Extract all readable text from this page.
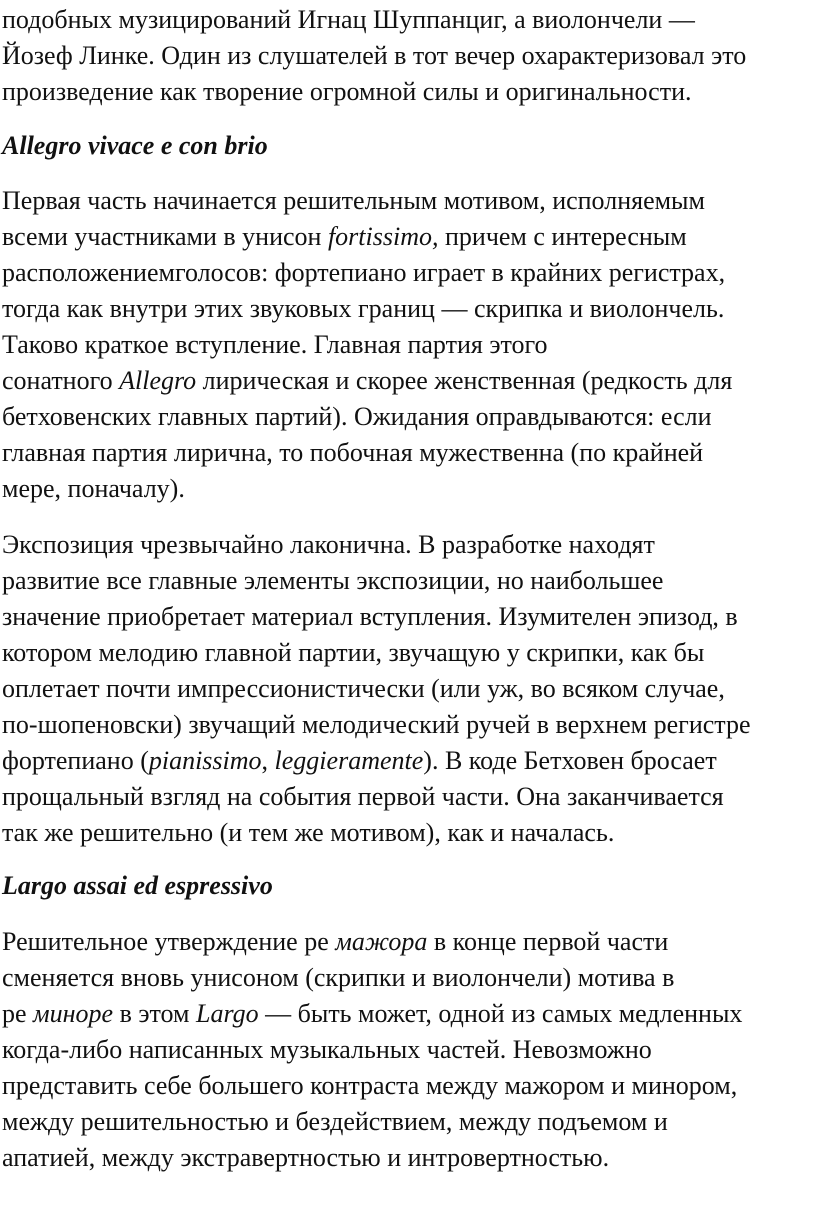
подобных музицирований Игнац Шуппанциг, а виолончели —
Йозеф Линке. Один из слушателей в тот вечер охарактеризовал это
произведение как творение огромной силы и оригинальности.
Allegro vivace e con brio
Первая часть начинается решительным мотивом, исполняемым
всеми участниками в унисон fortissimo, причем с интересным
расположениемголосов: фортепиано играет в крайних регистрах,
тогда как внутри этих звуковых границ — скрипка и виолончель.
Таково краткое вступление. Главная партия этого
сонатного Allegro лирическая и скорее женственная (редкость для
бетховенских главных партий). Ожидания оправдываются: если
главная партия лирична, то побочная мужественна (по крайней
мере, поначалу).
Экспозиция чрезвычайно лаконична. В разработке находят
развитие все главные элементы экспозиции, но наибольшее
значение приобретает материал вступления. Изумителен эпизод, в
котором мелодию главной партии, звучащую у скрипки, как бы
оплетает почти импрессионистически (или уж, во всяком случае,
по-шопеновски) звучащий мелодический ручей в верхнем регистре
фортепиано (pianissimo, leggieramente). В коде Бетховен бросает
прощальный взгляд на события первой части. Она заканчивается
так же решительно (и тем же мотивом), как и началась.
Largo assai ed espressivo
Решительное утверждение ре мажора в конце первой части
сменяется вновь унисоном (скрипки и виолончели) мотива в
ре миноре в этом Largo — быть может, одной из самых медленных
когда-либо написанных музыкальных частей. Невозможно
представить себе большего контраста между мажором и минором,
между решительностью и бездействием, между подъемом и
апатией, между экстравертностью и интровертностью.
